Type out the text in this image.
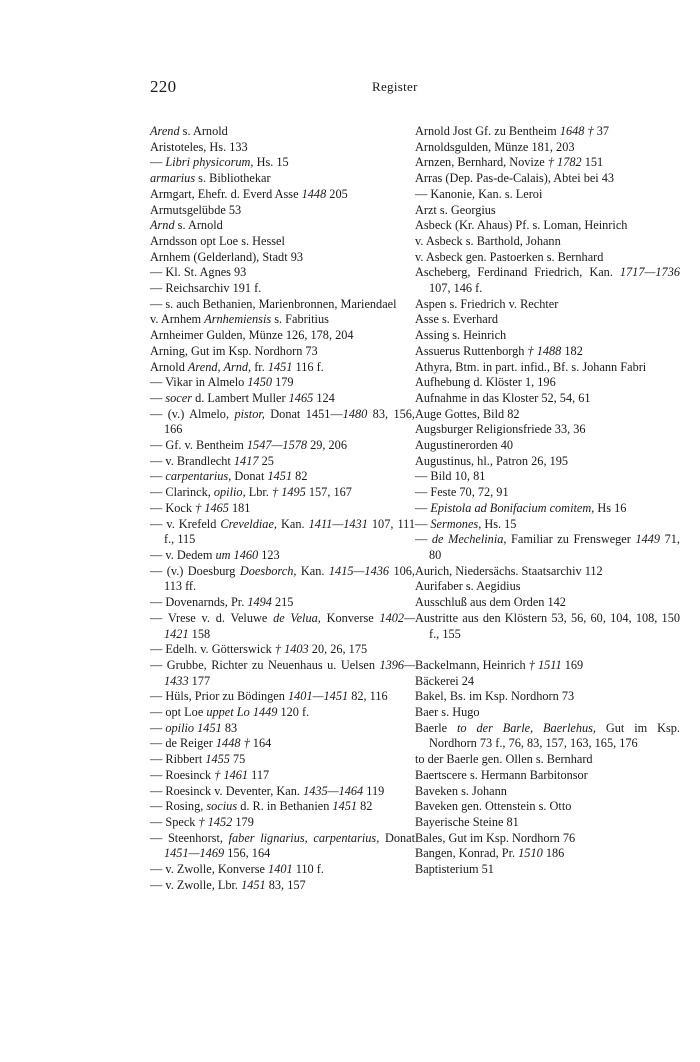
220	Register
Arend s. Arnold
Aristoteles, Hs. 133
— Libri physicorum, Hs. 15
armarius s. Bibliothekar
Armgart, Ehefr. d. Everd Asse 1448 205
Armutsgelübde 53
Arnd s. Arnold
Arndsson opt Loe s. Hessel
Arnhem (Gelderland), Stadt 93
— Kl. St. Agnes 93
— Reichsarchiv 191 f.
— s. auch Bethanien, Marienbronnen, Mariendael
v. Arnhem Arnhemiensis s. Fabritius
Arnheimer Gulden, Münze 126, 178, 204
Arning, Gut im Ksp. Nordhorn 73
Arnold Arend, Arnd, fr. 1451 116 f.
— Vikar in Almelo 1450 179
— socer d. Lambert Muller 1465 124
— (v.) Almelo, pistor, Donat 1451—1480 83, 156, 166
— Gf. v. Bentheim 1547—1578 29, 206
— v. Brandlecht 1417 25
— carpentarius, Donat 1451 82
— Clarinck, opilio, Lbr. † 1495 157, 167
— Kock † 1465 181
— v. Krefeld Creveldiae, Kan. 1411—1431 107, 111 f., 115
— v. Dedem um 1460 123
— (v.) Doesburg Doesborch, Kan. 1415—1436 106, 113 ff.
— Dovenarnds, Pr. 1494 215
— Vrese v. d. Veluwe de Velua, Konverse 1402—1421 158
— Edelh. v. Götterswick † 1403 20, 26, 175
— Grubbe, Richter zu Neuenhaus u. Uelsen 1396—1433 177
— Hüls, Prior zu Bödingen 1401—1451 82, 116
— opt Loe uppet Lo 1449 120 f.
— opilio 1451 83
— de Reiger 1448 † 164
— Ribbert 1455 75
— Roesinck † 1461 117
— Roesinck v. Deventer, Kan. 1435—1464 119
— Rosing, socius d. R. in Bethanien 1451 82
— Speck † 1452 179
— Steenhorst, faber lignarius, carpentarius, Donat 1451—1469 156, 164
— v. Zwolle, Konverse 1401 110 f.
— v. Zwolle, Lbr. 1451 83, 157
Arnold Jost Gf. zu Bentheim 1648 † 37
Arnoldsgulden, Münze 181, 203
Arnzen, Bernhard, Novize † 1782 151
Arras (Dep. Pas-de-Calais), Abtei bei 43
— Kanonie, Kan. s. Leroi
Arzt s. Georgius
Asbeck (Kr. Ahaus) Pf. s. Loman, Heinrich
v. Asbeck s. Barthold, Johann
v. Asbeck gen. Pastoerken s. Bernhard
Ascheberg, Ferdinand Friedrich, Kan. 1717—1736 107, 146 f.
Aspen s. Friedrich v. Rechter
Asse s. Everhard
Assing s. Heinrich
Assuerus Ruttenborgh † 1488 182
Athyra, Btm. in part. infid., Bf. s. Johann Fabri
Aufhebung d. Klöster 1, 196
Aufnahme in das Kloster 52, 54, 61
Auge Gottes, Bild 82
Augsburger Religionsfriede 33, 36
Augustinerorden 40
Augustinus, hl., Patron 26, 195
— Bild 10, 81
— Feste 70, 72, 91
— Epistola ad Bonifacium comitem, Hs 16
— Sermones, Hs. 15
— de Mechelinia, Familiar zu Frensweger 1449 71, 80
Aurich, Niedersächs. Staatsarchiv 112
Aurifaber s. Aegidius
Ausschluß aus dem Orden 142
Austritte aus den Klöstern 53, 56, 60, 104, 108, 150 f., 155
Backelmann, Heinrich † 1511 169
Bäckerei 24
Bakel, Bs. im Ksp. Nordhorn 73
Baer s. Hugo
Baerle to der Barle, Baerlehus, Gut im Ksp. Nordhorn 73 f., 76, 83, 157, 163, 165, 176
to der Baerle gen. Ollen s. Bernhard
Baertscere s. Hermann Barbitonsor
Baveken s. Johann
Baveken gen. Ottenstein s. Otto
Bayerische Steine 81
Bales, Gut im Ksp. Nordhorn 76
Bangen, Konrad, Pr. 1510 186
Baptisterium 51
